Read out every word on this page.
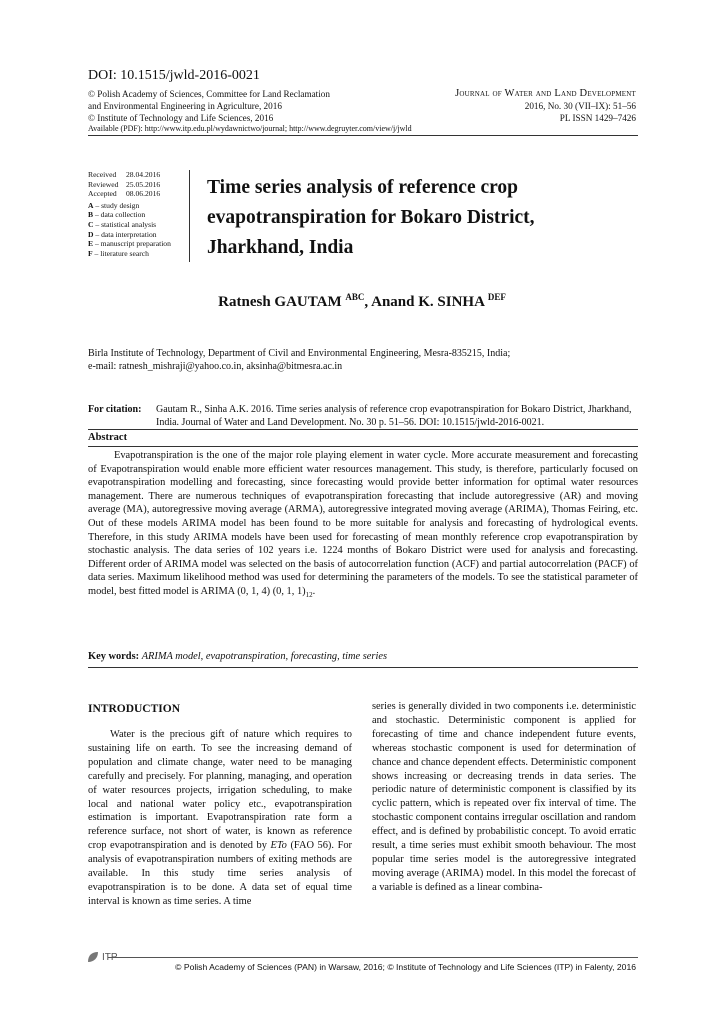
DOI: 10.1515/jwld-2016-0021
© Polish Academy of Sciences, Committee for Land Reclamation
and Environmental Engineering in Agriculture, 2016
© Institute of Technology and Life Sciences, 2016
Journal of Water and Land Development
2016, No. 30 (VII–IX): 51–56
PL ISSN 1429–7426
Available (PDF): http://www.itp.edu.pl/wydawnictwo/journal; http://www.degruyter.com/view/j/jwld
Received	28.04.2016
Reviewed	25.05.2016
Accepted	08.06.2016
A – study design
B – data collection
C – statistical analysis
D – data interpretation
E – manuscript preparation
F – literature search
Time series analysis of reference crop
evapotranspiration for Bokaro District,
Jharkhand, India
Ratnesh GAUTAM $^{ABC}$, Anand K. SINHA $^{DEF}$
Birla Institute of Technology, Department of Civil and Environmental Engineering, Mesra-835215, India;
e-mail: ratnesh_mishraji@yahoo.co.in, aksinha@bitmesra.ac.in
For citation:	Gautam R., Sinha A.K. 2016. Time series analysis of reference crop evapotranspiration for Bokaro District, Jharkhand, India. Journal of Water and Land Development. No. 30 p. 51–56. DOI: 10.1515/jwld-2016-0021.
Abstract
Evapotranspiration is the one of the major role playing element in water cycle. More accurate measurement and forecasting of Evapotranspiration would enable more efficient water resources management. This study, is therefore, particularly focused on evapotranspiration modelling and forecasting, since forecasting would provide better information for optimal water resources management. There are numerous techniques of evapotranspiration forecasting that include autoregressive (AR) and moving average (MA), autoregressive moving average (ARMA), autoregressive integrated moving average (ARIMA), Thomas Feiring, etc. Out of these models ARIMA model has been found to be more suitable for analysis and forecasting of hydrological events. Therefore, in this study ARIMA models have been used for forecasting of mean monthly reference crop evapotranspiration by stochastic analysis. The data series of 102 years i.e. 1224 months of Bokaro District were used for analysis and forecasting. Different order of ARIMA model was selected on the basis of autocorrelation function (ACF) and partial autocorrelation (PACF) of data series. Maximum likelihood method was used for determining the parameters of the models. To see the statistical parameter of model, best fitted model is ARIMA (0, 1, 4) (0, 1, $1)_{12}$.
Key words: ARIMA model, evapotranspiration, forecasting, time series
INTRODUCTION
Water is the precious gift of nature which requires to sustaining life on earth. To see the increasing demand of population and climate change, water need to be managing carefully and precisely. For planning, managing, and operation of water resources projects, irrigation scheduling, to make local and national water policy etc., evapotranspiration estimation is important. Evapotranspiration rate form a reference surface, not short of water, is known as reference crop evapotranspiration and is denoted by ETo (FAO 56). For analysis of evapotranspiration numbers of exiting methods are available. In this study time series analysis of evapotranspiration is to be done. A data set of equal time interval is known as time series. A time
series is generally divided in two components i.e. deterministic and stochastic. Deterministic component is applied for forecasting of time and chance independent future events, whereas stochastic component is used for determination of chance and chance dependent effects. Deterministic component shows increasing or decreasing trends in data series. The periodic nature of deterministic component is classified by its cyclic pattern, which is repeated over fix interval of time. The stochastic component contains irregular oscillation and random effect, and is defined by probabilistic concept. To avoid erratic result, a time series must exhibit smooth behaviour. The most popular time series model is the autoregressive integrated moving average (ARIMA) model. In this model the forecast of a variable is defined as a linear combina-
ITP
© Polish Academy of Sciences (PAN) in Warsaw, 2016; © Institute of Technology and Life Sciences (ITP) in Falenty, 2016
